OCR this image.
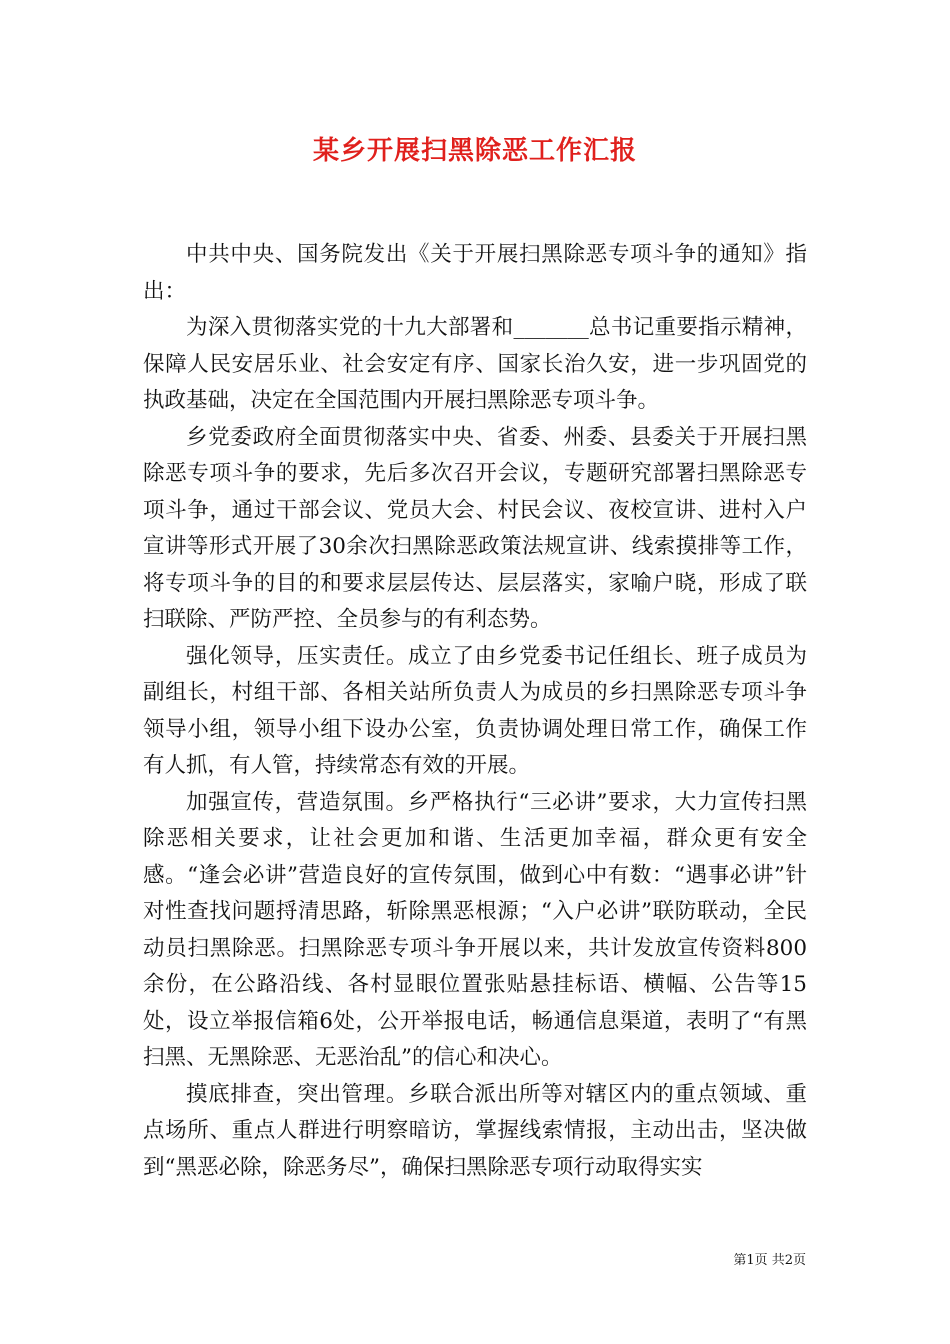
某乡开展扫黑除恶工作汇报

中共中央、国务院发出《关于开展扫黑除恶专项斗争的通知》指出：

为深入贯彻落实党的十九大部署和_______总书记重要指示精神，保障人民安居乐业、社会安定有序、国家长治久安，进一步巩固党的执政基础，决定在全国范围内开展扫黑除恶专项斗争。

乡党委政府全面贯彻落实中央、省委、州委、县委关于开展扫黑除恶专项斗争的要求，先后多次召开会议，专题研究部署扫黑除恶专项斗争，通过干部会议、党员大会、村民会议、夜校宣讲、进村入户宣讲等形式开展了30余次扫黑除恶政策法规宣讲、线索摸排等工作，将专项斗争的目的和要求层层传达、层层落实，家喻户晓，形成了联扫联除、严防严控、全员参与的有利态势。

强化领导，压实责任。成立了由乡党委书记任组长、班子成员为副组长，村组干部、各相关站所负责人为成员的乡扫黑除恶专项斗争领导小组，领导小组下设办公室，负责协调处理日常工作，确保工作有人抓，有人管，持续常态有效的开展。

加强宣传，营造氛围。乡严格执行“三必讲”要求，大力宣传扫黑除恶相关要求，让社会更加和谐、生活更加幸福，群众更有安全感。“逢会必讲”营造良好的宣传氛围，做到心中有数：“遇事必讲”针对性查找问题捋清思路，斩除黑恶根源；“入户必讲”联防联动，全民动员扫黑除恶。扫黑除恶专项斗争开展以来，共计发放宣传资料800余份，在公路沿线、各村显眼位置张贴悬挂标语、横幅、公告等15处，设立举报信箱6处，公开举报电话，畅通信息渠道，表明了“有黑扫黑、无黑除恶、无恶治乱”的信心和决心。

摸底排查，突出管理。乡联合派出所等对辖区内的重点领域、重点场所、重点人群进行明察暗访，掌握线索情报，主动出击，坚决做到“黑恶必除，除恶务尽”，确保扫黑除恶专项行动取得实实

第1页 共2页
